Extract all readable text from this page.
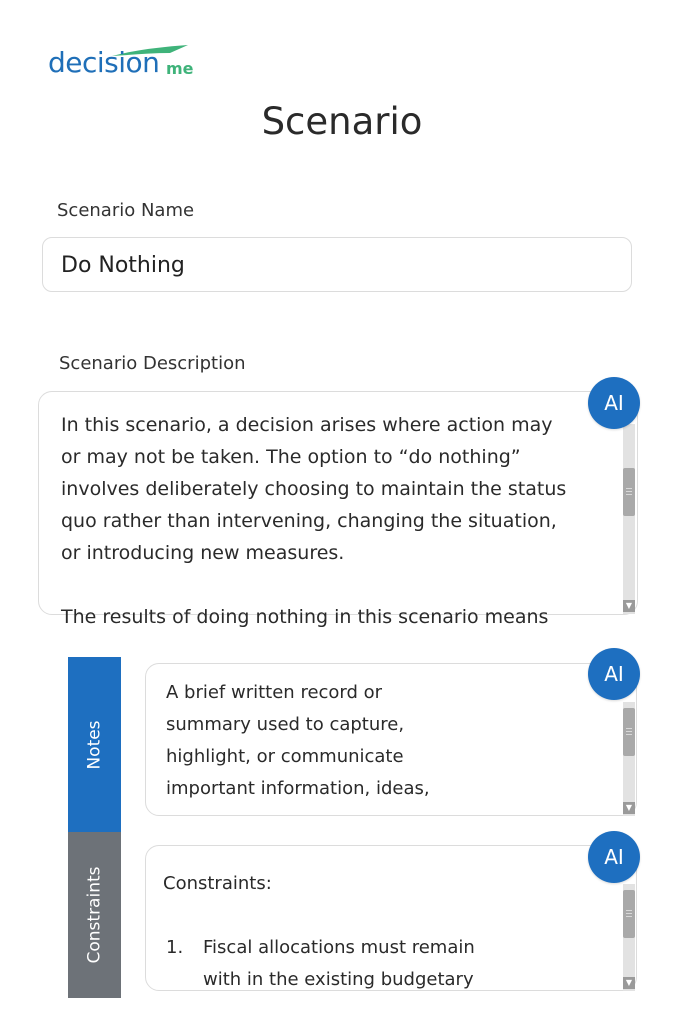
decision me
Scenario
Scenario Name
Do Nothing
Scenario Description
In this scenario, a decision arises where action may
or may not be taken. The option to “do nothing”
involves deliberately choosing to maintain the status
quo rather than intervening, changing the situation,
or introducing new measures.

The results of doing nothing in this scenario means
▼
AI
Notes
Constraints
A brief written record or
summary used to capture,
highlight, or communicate
important information, ideas,
▼
AI
Constraints:
1. Fiscal allocations must remain
with in the existing budgetary	▼
AI
